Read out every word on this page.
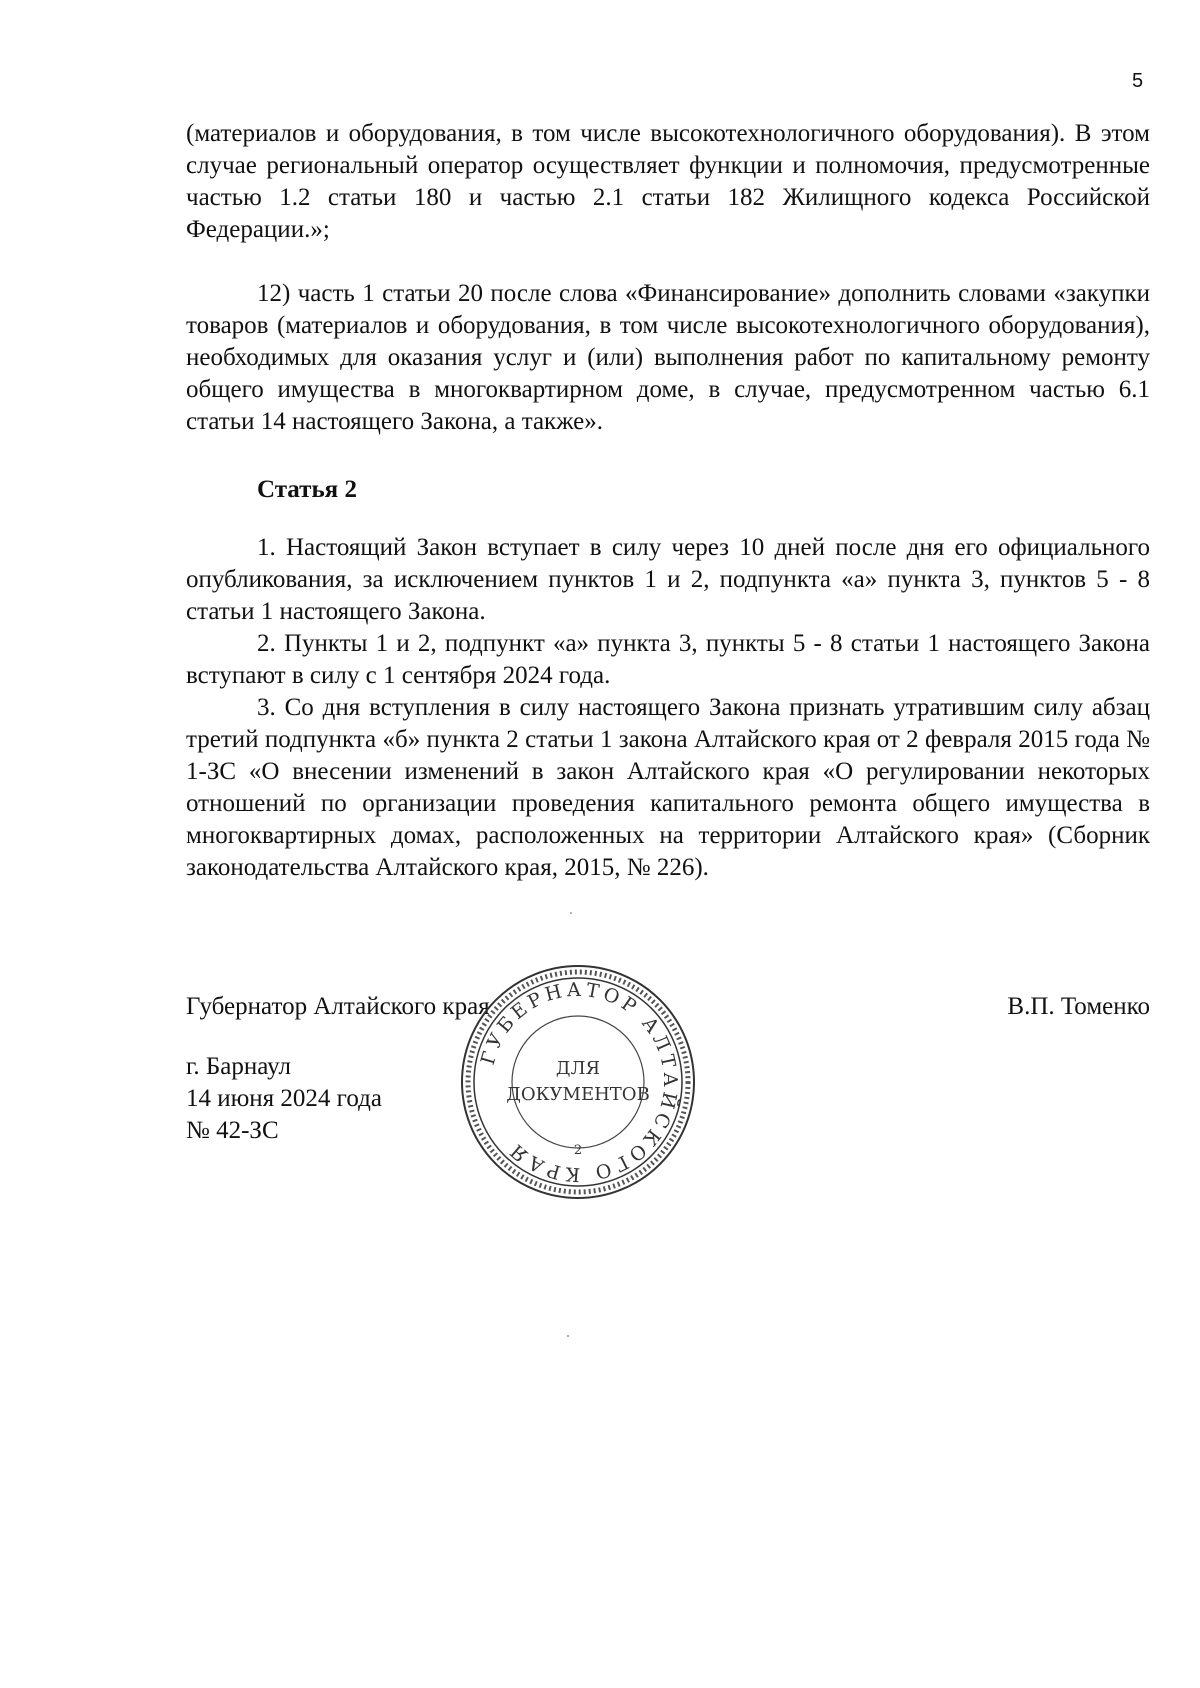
5

(материалов и оборудования, в том числе высокотехнологичного оборудования). В этом случае региональный оператор осуществляет функции и полномочия, предусмотренные частью 1.2 статьи 180 и частью 2.1 статьи 182 Жилищного кодекса Российской Федерации.»;

12) часть 1 статьи 20 после слова «Финансирование» дополнить словами «закупки товаров (материалов и оборудования, в том числе высокотехнологичного оборудования), необходимых для оказания услуг и (или) выполнения работ по капитальному ремонту общего имущества в многоквартирном доме, в случае, предусмотренном частью 6.1 статьи 14 настоящего Закона, а также».

Статья 2

1. Настоящий Закон вступает в силу через 10 дней после дня его официального опубликования, за исключением пунктов 1 и 2, подпункта «а» пункта 3, пунктов 5 - 8 статьи 1 настоящего Закона.

2. Пункты 1 и 2, подпункт «а» пункта 3, пункты 5 - 8 статьи 1 настоящего Закона вступают в силу с 1 сентября 2024 года.

3. Со дня вступления в силу настоящего Закона признать утратившим силу абзац третий подпункта «б» пункта 2 статьи 1 закона Алтайского края от 2 февраля 2015 года № 1-ЗС «О внесении изменений в закон Алтайского края «О регулировании некоторых отношений по организации проведения капитального ремонта общего имущества в многоквартирных домах, расположенных на территории Алтайского края» (Сборник законодательства Алтайского края, 2015, № 226).

Губернатор Алтайского края	В.П. Томенко
г. Барнаул
14 июня 2024 года
№ 42-ЗС
ГУБЕРНАТОР АЛТАЙСКОГО КРАЯ
ДЛЯ
ДОКУМЕНТОВ
2
